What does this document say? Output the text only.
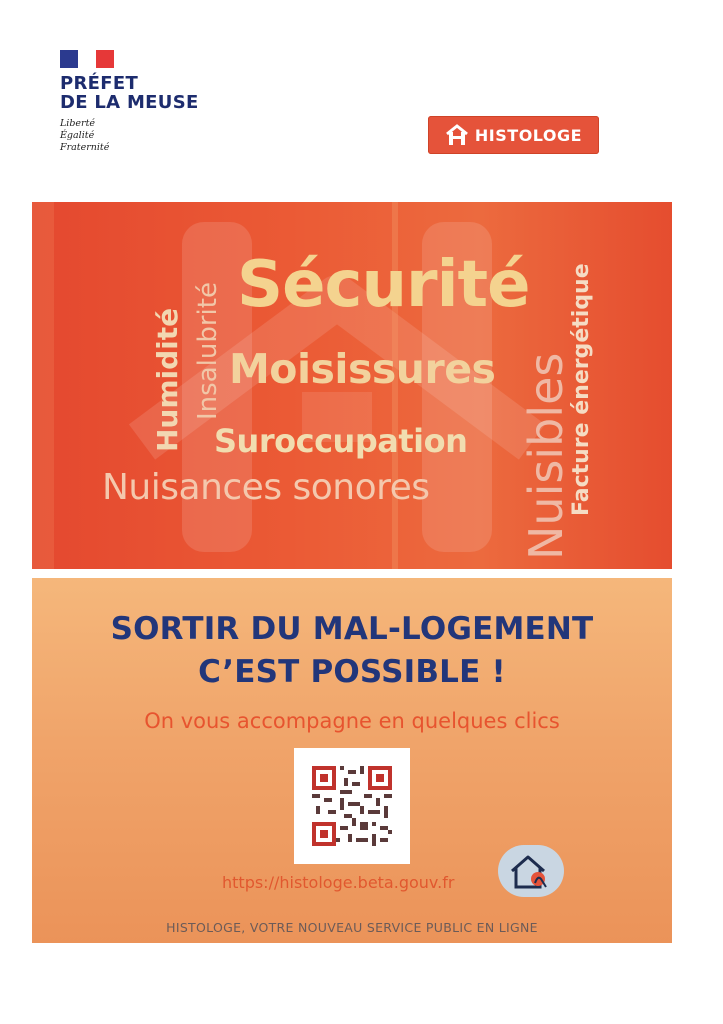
PRÉFET
DE LA MEUSE
Liberté
Égalité
Fraternité
HISTOLOGE
Sécurité
Moisissures
Suroccupation
Nuisances sonores
Humidité Insalubrité
Nuisibles
Facture énergétique
SORTIR DU MAL-LOGEMENT
C’EST POSSIBLE !
On vous accompagne en quelques clics
https://histologe.beta.gouv.fr
HISTOLOGE, VOTRE NOUVEAU SERVICE PUBLIC EN LIGNE
